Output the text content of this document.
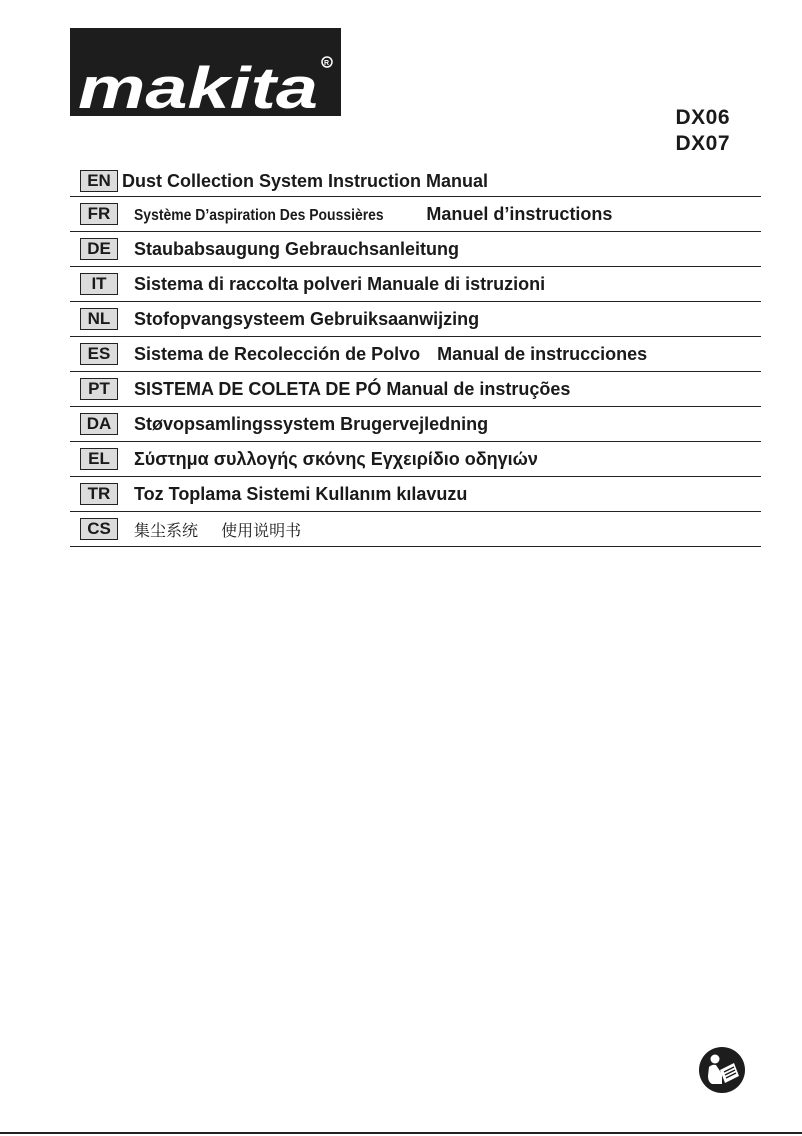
makita R
DX06
DX07
EN Dust Collection System Instruction Manual
FR	Système D’aspiration Des Poussières Manuel d’instructions
DE	Staubabsaugung Gebrauchsanleitung
IT	Sistema di raccolta polveri Manuale di istruzioni
NL	Stofopvangsysteem Gebruiksaanwijzing
ES	Sistema de Recolección de Polvo Manual de instrucciones
PT	SISTEMA DE COLETA DE PÓ Manual de instruções
DA	Støvopsamlingssystem Brugervejledning
EL	Σύστημα συλλογής σκόνης Εγχειρίδιο οδηγιών
TR	Toz Toplama Sistemi Kullanım kılavuzu
CS	集尘系统 使用说明书
